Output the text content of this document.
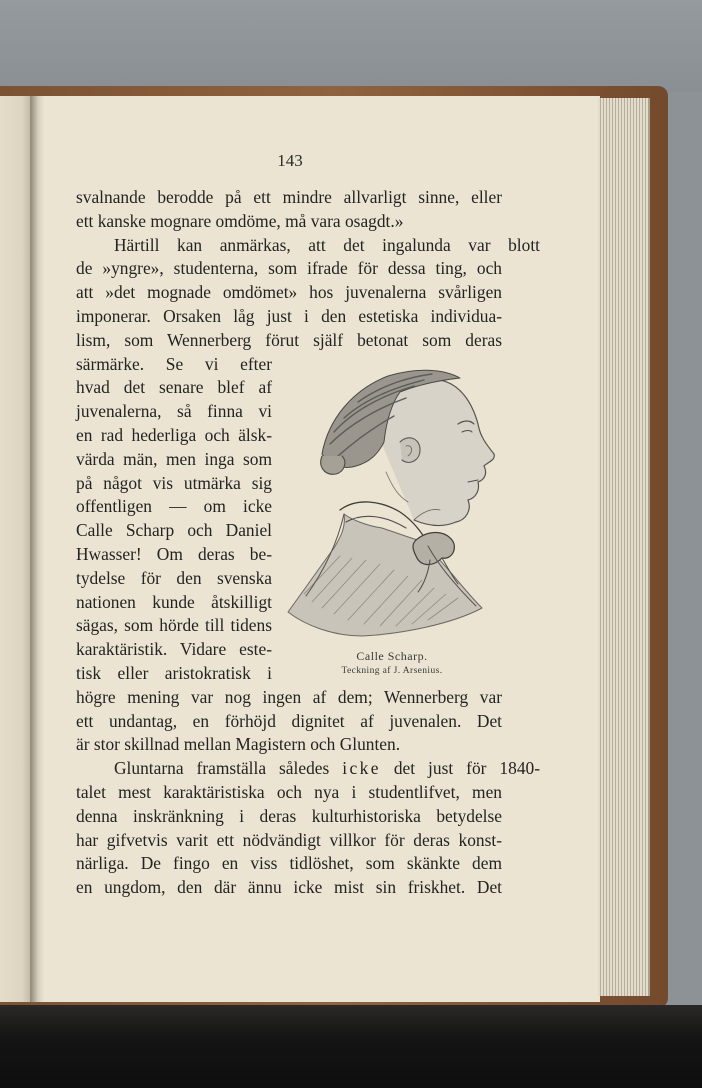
143
svalnande berodde på ett mindre allvarligt sinne, eller
ett kanske mognare omdöme, må vara osagdt.»
Härtill kan anmärkas, att det ingalunda var blott
de »yngre», studenterna, som ifrade för dessa ting, och
att »det mognade omdömet» hos juvenalerna svårligen
imponerar. Orsaken låg just i den estetiska individua-
lism, som Wennerberg förut själf betonat som deras
särmärke. Se vi efter
hvad det senare blef af
juvenalerna, så finna vi
en rad hederliga och älsk-
värda män, men inga som
på något vis utmärka sig
offentligen — om icke
Calle Scharp och Daniel
Hwasser! Om deras be-
tydelse för den svenska
nationen kunde åtskilligt
sägas, som hörde till tidens
karaktäristik. Vidare este-
tisk eller aristokratisk i
högre mening var nog ingen af dem; Wennerberg var
ett undantag, en förhöjd dignitet af juvenalen. Det
är stor skillnad mellan Magistern och Glunten.
Gluntarna framställa således icke det just för 1840-
talet mest karaktäristiska och nya i studentlifvet, men
denna inskränkning i deras kulturhistoriska betydelse
har gifvetvis varit ett nödvändigt villkor för deras konst-
närliga. De fingo en viss tidlöshet, som skänkte dem
en ungdom, den där ännu icke mist sin friskhet. Det
Calle Scharp.
Teckning af J. Arsenius.
